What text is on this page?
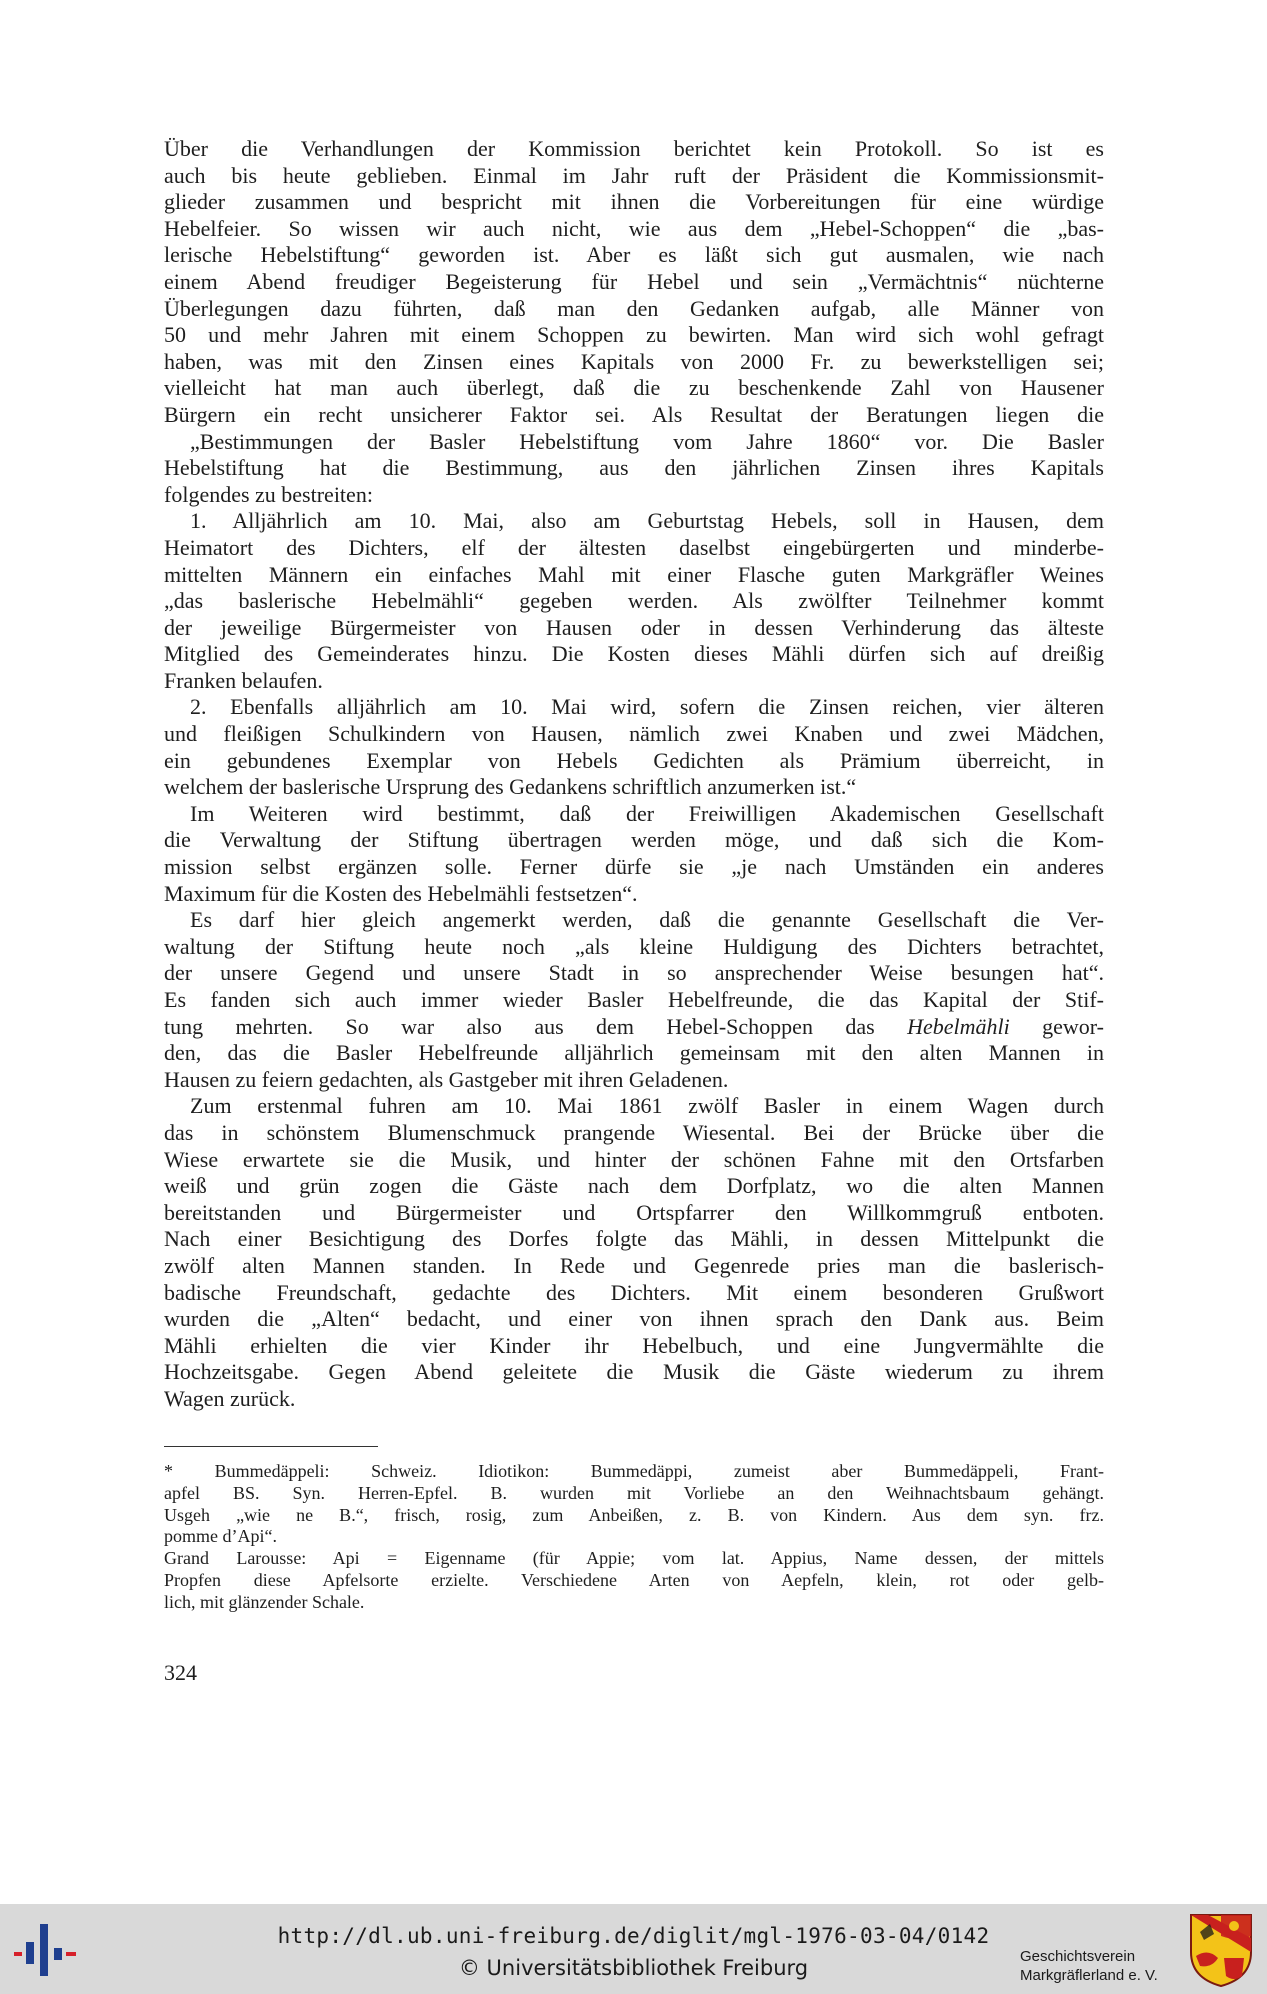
Über die Verhandlungen der Kommission berichtet kein Protokoll. So ist es
auch bis heute geblieben. Einmal im Jahr ruft der Präsident die Kommissionsmit-
glieder zusammen und bespricht mit ihnen die Vorbereitungen für eine würdige
Hebelfeier. So wissen wir auch nicht, wie aus dem „Hebel-Schoppen“ die „bas-
lerische Hebelstiftung“ geworden ist. Aber es läßt sich gut ausmalen, wie nach
einem Abend freudiger Begeisterung für Hebel und sein „Vermächtnis“ nüchterne
Überlegungen dazu führten, daß man den Gedanken aufgab, alle Männer von
50 und mehr Jahren mit einem Schoppen zu bewirten. Man wird sich wohl gefragt
haben, was mit den Zinsen eines Kapitals von 2000 Fr. zu bewerkstelligen sei;
vielleicht hat man auch überlegt, daß die zu beschenkende Zahl von Hausener
Bürgern ein recht unsicherer Faktor sei. Als Resultat der Beratungen liegen die
„Bestimmungen der Basler Hebelstiftung vom Jahre 1860“ vor. Die Basler
Hebelstiftung hat die Bestimmung, aus den jährlichen Zinsen ihres Kapitals
folgendes zu bestreiten:
1. Alljährlich am 10. Mai, also am Geburtstag Hebels, soll in Hausen, dem
Heimatort des Dichters, elf der ältesten daselbst eingebürgerten und minderbe-
mittelten Männern ein einfaches Mahl mit einer Flasche guten Markgräfler Weines
„das baslerische Hebelmähli“ gegeben werden. Als zwölfter Teilnehmer kommt
der jeweilige Bürgermeister von Hausen oder in dessen Verhinderung das älteste
Mitglied des Gemeinderates hinzu. Die Kosten dieses Mähli dürfen sich auf dreißig
Franken belaufen.
2. Ebenfalls alljährlich am 10. Mai wird, sofern die Zinsen reichen, vier älteren
und fleißigen Schulkindern von Hausen, nämlich zwei Knaben und zwei Mädchen,
ein gebundenes Exemplar von Hebels Gedichten als Prämium überreicht, in
welchem der baslerische Ursprung des Gedankens schriftlich anzumerken ist.“
Im Weiteren wird bestimmt, daß der Freiwilligen Akademischen Gesellschaft
die Verwaltung der Stiftung übertragen werden möge, und daß sich die Kom-
mission selbst ergänzen solle. Ferner dürfe sie „je nach Umständen ein anderes
Maximum für die Kosten des Hebelmähli festsetzen“.
Es darf hier gleich angemerkt werden, daß die genannte Gesellschaft die Ver-
waltung der Stiftung heute noch „als kleine Huldigung des Dichters betrachtet,
der unsere Gegend und unsere Stadt in so ansprechender Weise besungen hat“.
Es fanden sich auch immer wieder Basler Hebelfreunde, die das Kapital der Stif-
tung mehrten. So war also aus dem Hebel-Schoppen das Hebelmähli gewor-
den, das die Basler Hebelfreunde alljährlich gemeinsam mit den alten Mannen in
Hausen zu feiern gedachten, als Gastgeber mit ihren Geladenen.
Zum erstenmal fuhren am 10. Mai 1861 zwölf Basler in einem Wagen durch
das in schönstem Blumenschmuck prangende Wiesental. Bei der Brücke über die
Wiese erwartete sie die Musik, und hinter der schönen Fahne mit den Ortsfarben
weiß und grün zogen die Gäste nach dem Dorfplatz, wo die alten Mannen
bereitstanden und Bürgermeister und Ortspfarrer den Willkommgruß entboten.
Nach einer Besichtigung des Dorfes folgte das Mähli, in dessen Mittelpunkt die
zwölf alten Mannen standen. In Rede und Gegenrede pries man die baslerisch-
badische Freundschaft, gedachte des Dichters. Mit einem besonderen Grußwort
wurden die „Alten“ bedacht, und einer von ihnen sprach den Dank aus. Beim
Mähli erhielten die vier Kinder ihr Hebelbuch, und eine Jungvermählte die
Hochzeitsgabe. Gegen Abend geleitete die Musik die Gäste wiederum zu ihrem
Wagen zurück.
* Bummedäppeli: Schweiz. Idiotikon: Bummedäppi, zumeist aber Bummedäppeli, Frant-
apfel BS. Syn. Herren-Epfel. B. wurden mit Vorliebe an den Weihnachtsbaum gehängt.
Usgeh „wie ne B.“, frisch, rosig, zum Anbeißen, z. B. von Kindern. Aus dem syn. frz.
pomme d’Api“.
Grand Larousse: Api = Eigenname (für Appie; vom lat. Appius, Name dessen, der mittels
Propfen diese Apfelsorte erzielte. Verschiedene Arten von Aepfeln, klein, rot oder gelb-
lich, mit glänzender Schale.
324
http://dl.ub.uni-freiburg.de/diglit/mgl-1976-03-04/0142
© Universitätsbibliothek Freiburg	Geschichtsverein
Markgräflerland e. V.
